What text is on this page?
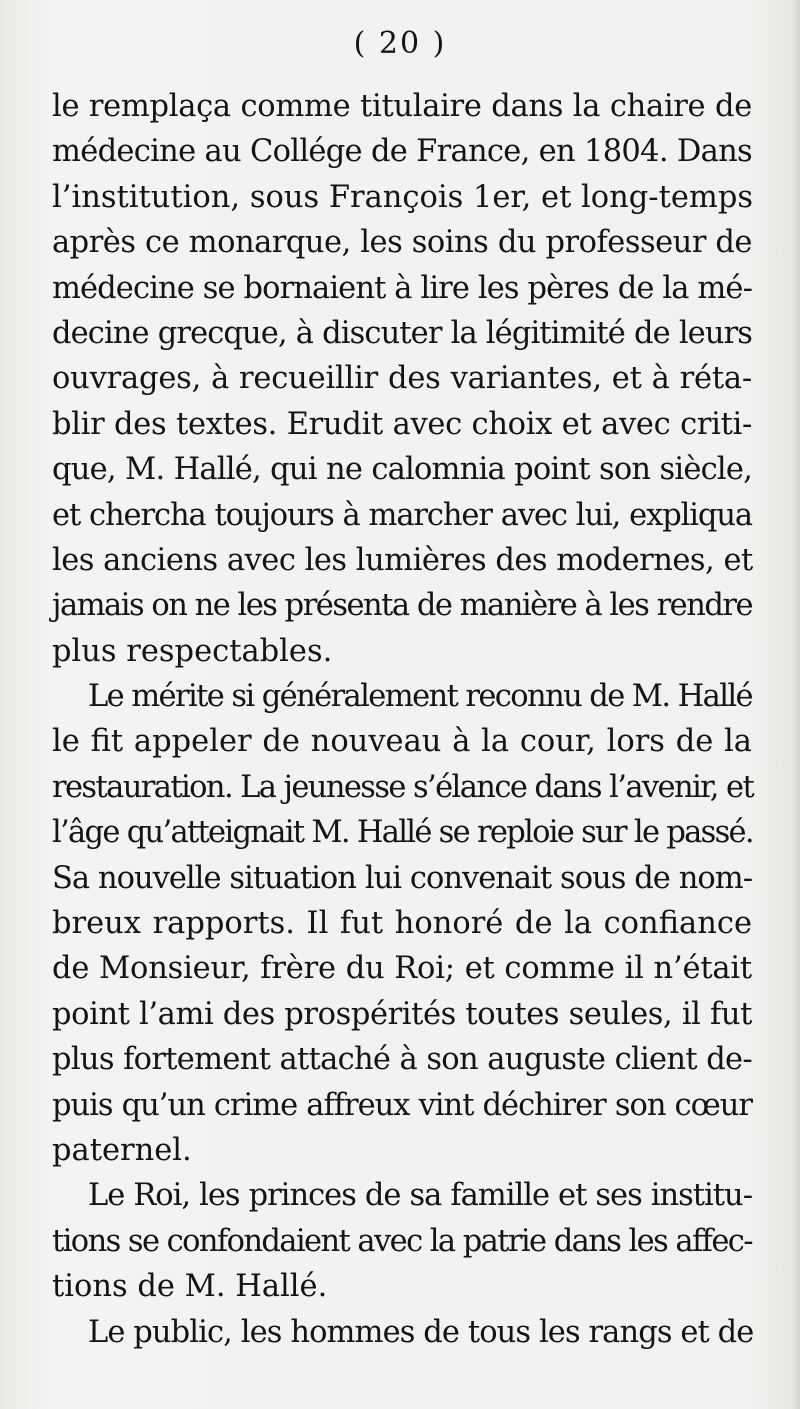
( 20 )
le remplaça comme titulaire dans la chaire de
médecine au Collége de France, en 1804. Dans
l’institution, sous François 1er, et long-temps
après ce monarque, les soins du professeur de
médecine se bornaient à lire les pères de la mé-
decine grecque, à discuter la légitimité de leurs
ouvrages, à recueillir des variantes, et à réta-
blir des textes. Erudit avec choix et avec criti-
que, M. Hallé, qui ne calomnia point son siècle,
et chercha toujours à marcher avec lui, expliqua
les anciens avec les lumières des modernes, et
jamais on ne les présenta de manière à les rendre
plus respectables.
Le mérite si généralement reconnu de M. Hallé
le fit appeler de nouveau à la cour, lors de la
restauration. La jeunesse s’élance dans l’avenir, et
l’âge qu’atteignait M. Hallé se reploie sur le passé.
Sa nouvelle situation lui convenait sous de nom-
breux rapports. Il fut honoré de la confiance
de Monsieur, frère du Roi; et comme il n’était
point l’ami des prospérités toutes seules, il fut
plus fortement attaché à son auguste client de-
puis qu’un crime affreux vint déchirer son cœur
paternel.
Le Roi, les princes de sa famille et ses institu-
tions se confondaient avec la patrie dans les affec-
tions de M. Hallé.
Le public, les hommes de tous les rangs et de
